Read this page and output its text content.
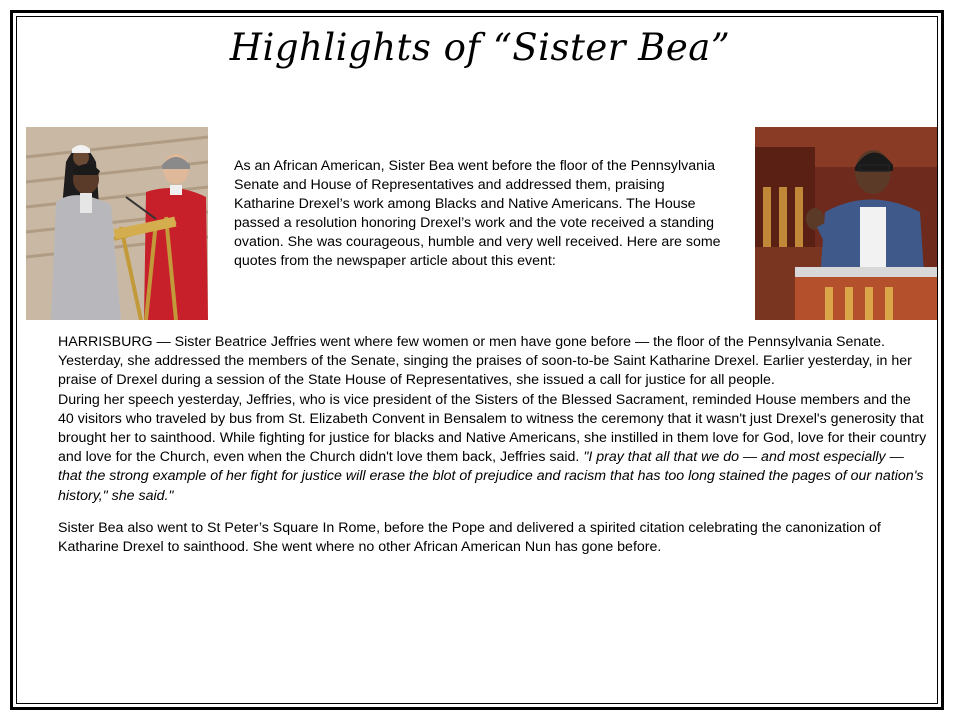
Highlights of “Sister Bea”

As an African American, Sister Bea went before the floor of the Pennsylvania Senate and House of Representatives and addressed them, praising Katharine Drexel’s work among Blacks and Native Americans. The House passed a resolution honoring Drexel’s work and the vote received a standing ovation. She was courageous, humble and very well received. Here are some quotes from the newspaper article about this event:

HARRISBURG — Sister Beatrice Jeffries went where few women or men have gone before — the floor of the Pennsylvania Senate. Yesterday, she addressed the members of the Senate, singing the praises of soon-to-be Saint Katharine Drexel. Earlier yesterday, in her praise of Drexel during a session of the State House of Representatives, she issued a call for justice for all people.

During her speech yesterday, Jeffries, who is vice president of the Sisters of the Blessed Sacrament, reminded House members and the 40 visitors who traveled by bus from St. Elizabeth Convent in Bensalem to witness the ceremony that it wasn't just Drexel's generosity that brought her to sainthood. While fighting for justice for blacks and Native Americans, she instilled in them love for God, love for their country and love for the Church, even when the Church didn't love them back, Jeffries said. "I pray that all that we do — and most especially — that the strong example of her fight for justice will erase the blot of prejudice and racism that has too long stained the pages of our nation's history," she said."

Sister Bea also went to St Peter’s Square In Rome, before the Pope and delivered a spirited citation celebrating the canonization of Katharine Drexel to sainthood. She went where no other African American Nun has gone before.
